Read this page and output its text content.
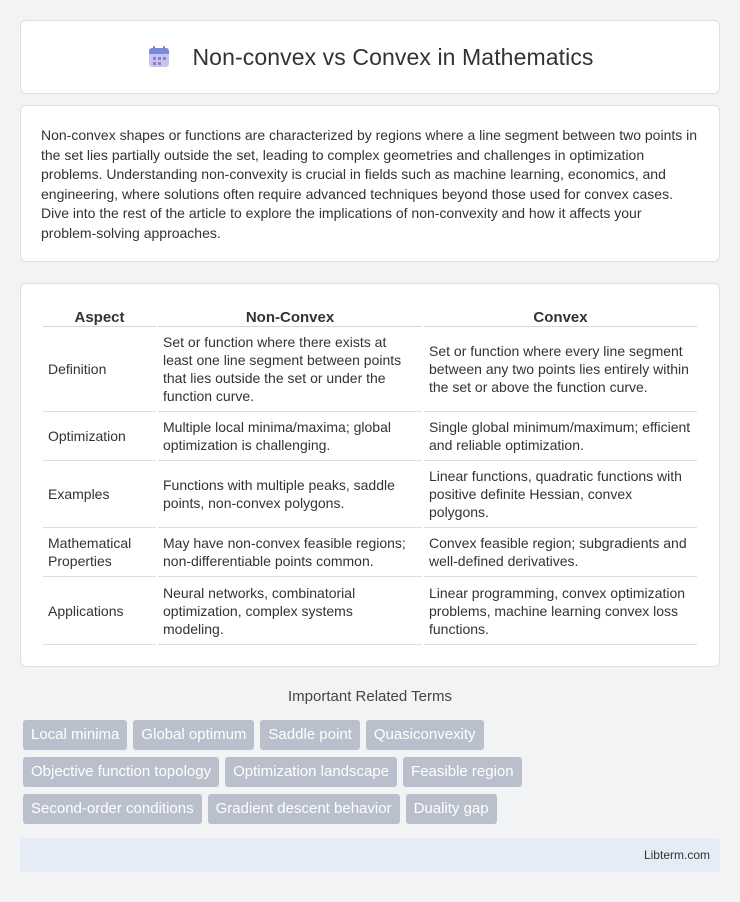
Non-convex vs Convex in Mathematics

Non-convex shapes or functions are characterized by regions where a line segment between two points in the set lies partially outside the set, leading to complex geometries and challenges in optimization problems. Understanding non-convexity is crucial in fields such as machine learning, economics, and engineering, where solutions often require advanced techniques beyond those used for convex cases. Dive into the rest of the article to explore the implications of non-convexity and how it affects your problem-solving approaches.

Aspect	Non-Convex	Convex
Definition	Set or function where there exists at least one line segment between points that lies outside the set or under the function curve.	Set or function where every line segment between any two points lies entirely within the set or above the function curve.
Optimization	Multiple local minima/maxima; global optimization is challenging.	Single global minimum/maximum; efficient and reliable optimization.
Examples	Functions with multiple peaks, saddle points, non-convex polygons.	Linear functions, quadratic functions with positive definite Hessian, convex polygons.
Mathematical Properties	May have non-convex feasible regions; non-differentiable points common.	Convex feasible region; subgradients and well-defined derivatives.
Applications	Neural networks, combinatorial optimization, complex systems modeling.	Linear programming, convex optimization problems, machine learning convex loss functions.
Important Related Terms
Local minima	Global optimum	Saddle point	Quasiconvexity
Objective function topology	Optimization landscape	Feasible region
Second-order conditions	Gradient descent behavior	Duality gap
Libterm.com
